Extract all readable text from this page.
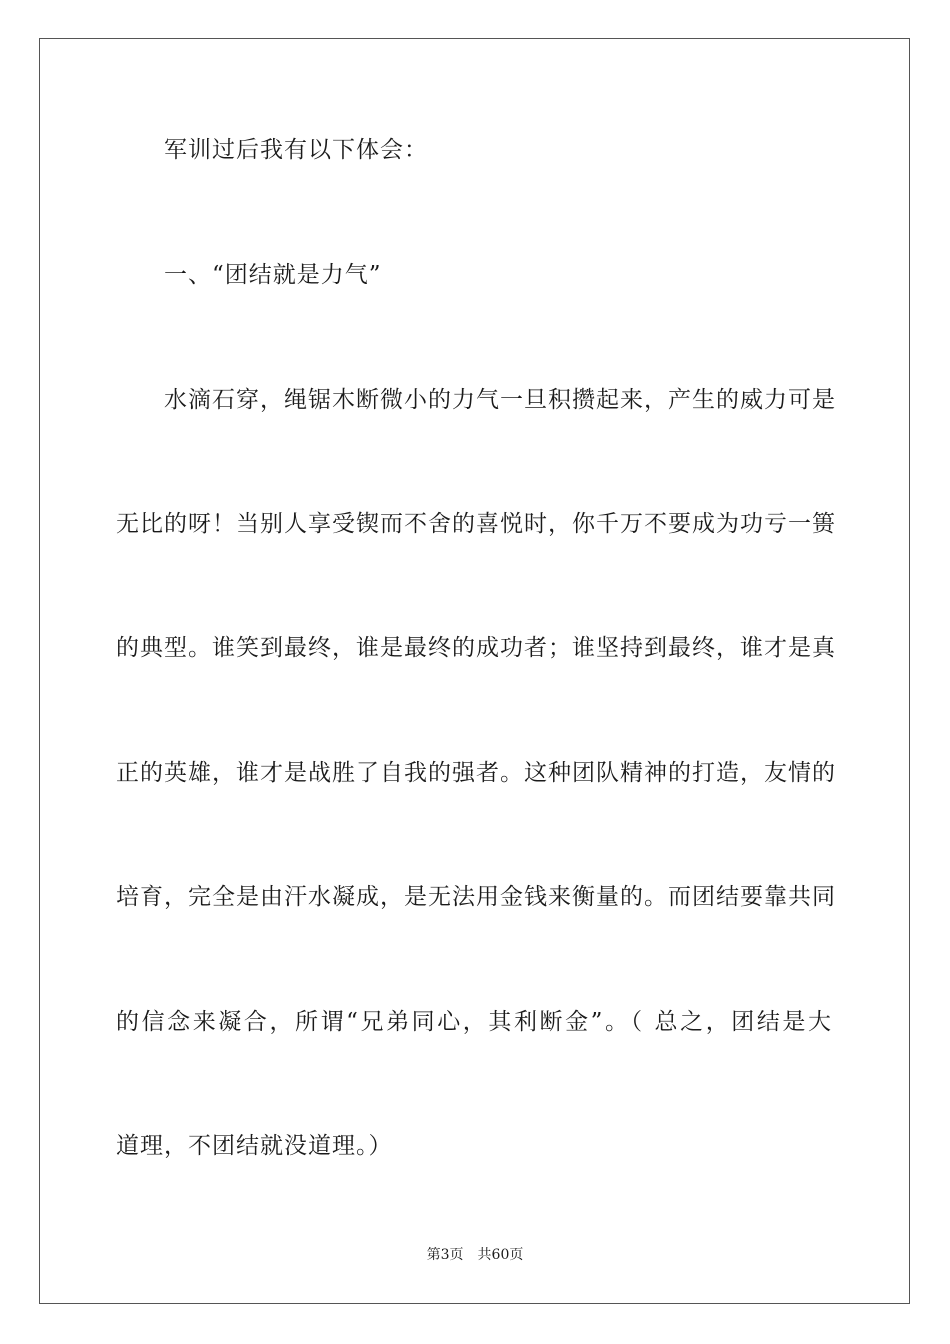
军训过后我有以下体会：
一、“团结就是力气”
水滴石穿，绳锯木断微小的力气一旦积攒起来，产生的威力可是
无比的呀！当别人享受锲而不舍的喜悦时，你千万不要成为功亏一篑
的典型。谁笑到最终，谁是最终的成功者；谁坚持到最终，谁才是真
正的英雄，谁才是战胜了自我的强者。这种团队精神的打造，友情的
培育，完全是由汗水凝成，是无法用金钱来衡量的。而团结要靠共同
的信念来凝合，所谓“兄弟同心，其利断金”。（ 总之，团结是大
道理，不团结就没道理。）
第3页 共60页
